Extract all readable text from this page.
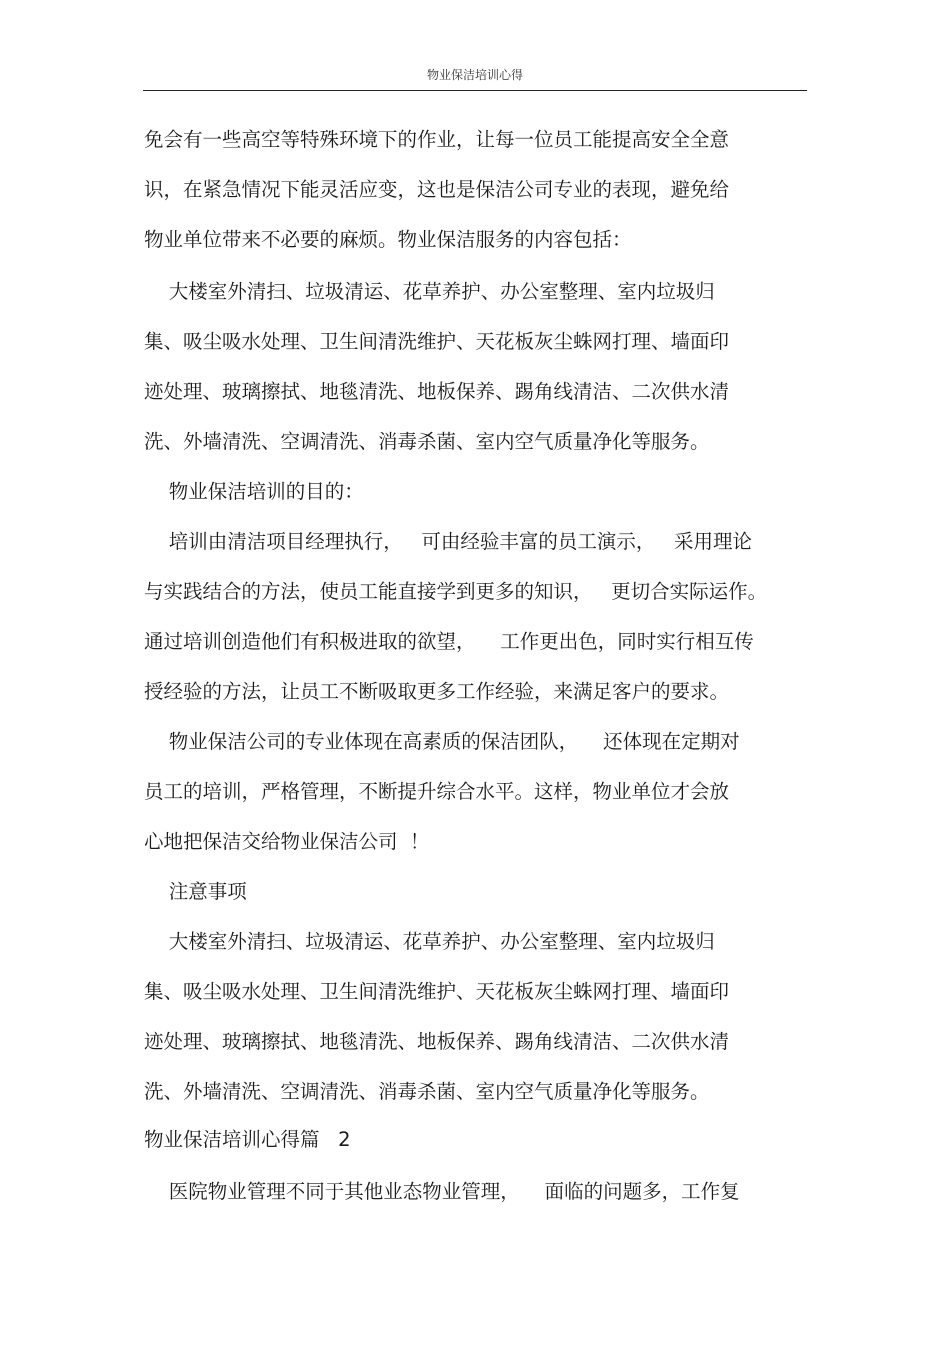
物业保洁培训心得
免会有一些高空等特殊环境下的作业，让每一位员工能提高安全全意
识，在紧急情况下能灵活应变，这也是保洁公司专业的表现，避免给
物业单位带来不必要的麻烦。物业保洁服务的内容包括：
大楼室外清扫、垃圾清运、花草养护、办公室整理、室内垃圾归
集、吸尘吸水处理、卫生间清洗维护、天花板灰尘蛛网打理、墙面印
迹处理、玻璃擦拭、地毯清洗、地板保养、踢角线清洁、二次供水清
洗、外墙清洗、空调清洗、消毒杀菌、室内空气质量净化等服务。
物业保洁培训的目的：
培训由清洁项目经理执行，   可由经验丰富的员工演示，   采用理论
与实践结合的方法，使员工能直接学到更多的知识，   更切合实际运作。
通过培训创造他们有积极进取的欲望，    工作更出色，同时实行相互传
授经验的方法，让员工不断吸取更多工作经验，来满足客户的要求。
物业保洁公司的专业体现在高素质的保洁团队，    还体现在定期对
员工的培训，严格管理，不断提升综合水平。这样，物业单位才会放
心地把保洁交给物业保洁公司  ！
注意事项
大楼室外清扫、垃圾清运、花草养护、办公室整理、室内垃圾归
集、吸尘吸水处理、卫生间清洗维护、天花板灰尘蛛网打理、墙面印
迹处理、玻璃擦拭、地毯清洗、地板保养、踢角线清洁、二次供水清
洗、外墙清洗、空调清洗、消毒杀菌、室内空气质量净化等服务。
物业保洁培训心得篇   2
医院物业管理不同于其他业态物业管理，    面临的问题多，工作复
